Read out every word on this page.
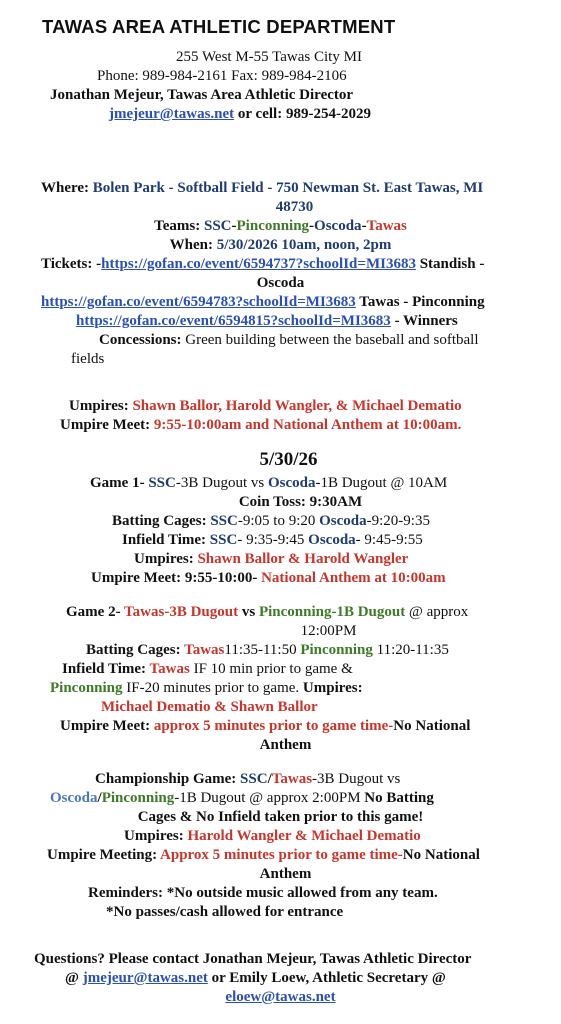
TAWAS AREA ATHLETIC DEPARTMENT
255 West M-55 Tawas City MI
Phone: 989-984-2161 Fax: 989-984-2106
Jonathan Mejeur, Tawas Area Athletic Director
jmejeur@tawas.net or cell: 989-254-2029
Where: Bolen Park - Softball Field - 750 Newman St. East Tawas, MI
48730
Teams: SSC-Pinconning-Oscoda-Tawas
When: 5/30/2026 10am, noon, 2pm
Tickets: -https://gofan.co/event/6594737?schoolId=MI3683 Standish -
Oscoda
https://gofan.co/event/6594783?schoolId=MI3683 Tawas - Pinconning
https://gofan.co/event/6594815?schoolId=MI3683 - Winners
Concessions: Green building between the baseball and softball
fields
Umpires: Shawn Ballor, Harold Wangler, & Michael Dematio
Umpire Meet: 9:55-10:00am and National Anthem at 10:00am.
5/30/26
Game 1- SSC-3B Dugout vs Oscoda-1B Dugout @ 10AM
Coin Toss: 9:30AM
Batting Cages: SSC-9:05 to 9:20 Oscoda-9:20-9:35
Infield Time: SSC- 9:35-9:45 Oscoda- 9:45-9:55
Umpires: Shawn Ballor & Harold Wangler
Umpire Meet: 9:55-10:00- National Anthem at 10:00am
Game 2- Tawas-3B Dugout vs Pinconning-1B Dugout @ approx
12:00PM
Batting Cages: Tawas11:35-11:50 Pinconning 11:20-11:35
Infield Time: Tawas IF 10 min prior to game &
Pinconning IF-20 minutes prior to game. Umpires:
Michael Dematio & Shawn Ballor
Umpire Meet: approx 5 minutes prior to game time-No National
Anthem
Championship Game: SSC/Tawas-3B Dugout vs
Oscoda/Pinconning-1B Dugout @ approx 2:00PM No Batting
Cages & No Infield taken prior to this game!
Umpires: Harold Wangler & Michael Dematio
Umpire Meeting: Approx 5 minutes prior to game time-No National
Anthem
Reminders: *No outside music allowed from any team.
*No passes/cash allowed for entrance
Questions? Please contact Jonathan Mejeur, Tawas Athletic Director
@ jmejeur@tawas.net or Emily Loew, Athletic Secretary @
eloew@tawas.net
